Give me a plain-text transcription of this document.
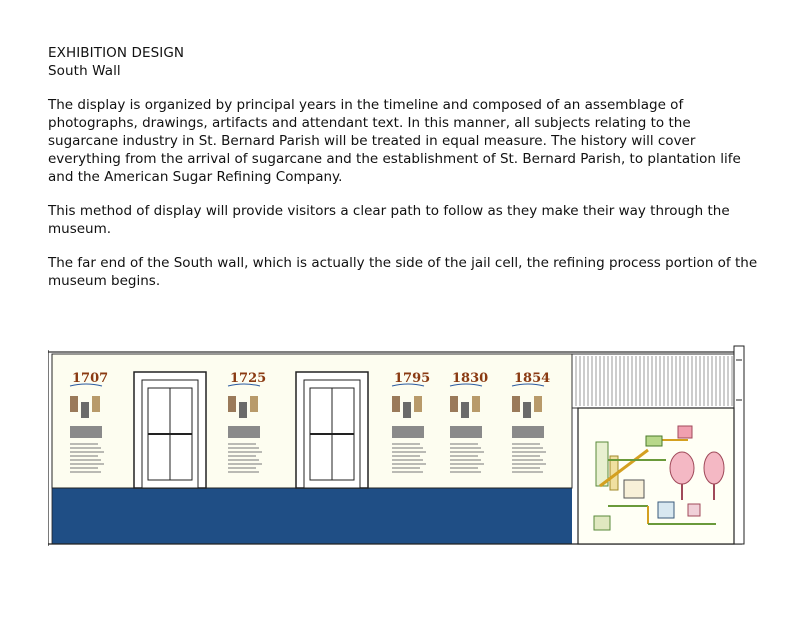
EXHIBITION DESIGN
South Wall

The display is organized by principal years in the timeline and composed of an assemblage of photographs, drawings, artifacts and attendant text. In this manner, all subjects relating to the sugarcane industry in St. Bernard Parish will be treated in equal measure. The history will cover everything from the arrival of sugarcane and the establishment of St. Bernard Parish, to plantation life and the American Sugar Refining Company.

This method of display will provide visitors a clear path to follow as they make their way through the museum.

The far end of the South wall, which is actually the side of the jail cell, the refining process portion of the museum begins.

1707	1725	1795 1830 1854
